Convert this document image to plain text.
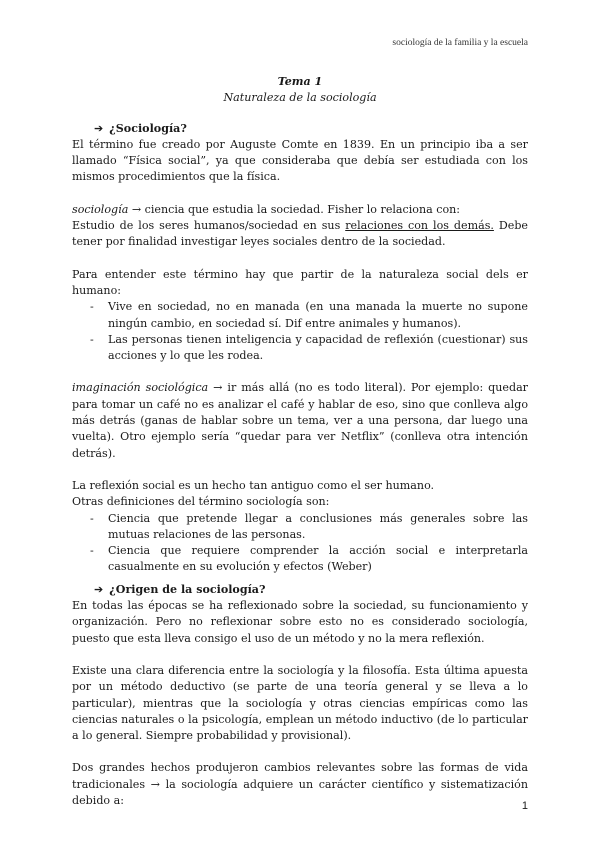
sociología de la familia y la escuela

Tema 1

Naturaleza de la sociología

➔ ¿Sociología?

El término fue creado por Auguste Comte en 1839. En un principio iba a ser llamado “Física social”, ya que consideraba que debía ser estudiada con los mismos procedimientos que la física.

sociología → ciencia que estudia la sociedad. Fisher lo relaciona con:

Estudio de los seres humanos/sociedad en sus relaciones con los demás. Debe tener por finalidad investigar leyes sociales dentro de la sociedad.

Para entender este término hay que partir de la naturaleza social dels er humano:

- Vive en sociedad, no en manada (en una manada la muerte no supone ningún cambio, en sociedad sí. Dif entre animales y humanos).
- Las personas tienen inteligencia y capacidad de reflexión (cuestionar) sus acciones y lo que les rodea.

imaginación sociológica → ir más allá (no es todo literal). Por ejemplo: quedar para tomar un café no es analizar el café y hablar de eso, sino que conlleva algo más detrás (ganas de hablar sobre un tema, ver a una persona, dar luego una vuelta). Otro ejemplo sería “quedar para ver Netflix” (conlleva otra intención detrás).

La reflexión social es un hecho tan antiguo como el ser humano.

Otras definiciones del término sociología son:

- Ciencia que pretende llegar a conclusiones más generales sobre las mutuas relaciones de las personas.
- Ciencia que requiere comprender la acción social e interpretarla casualmente en su evolución y efectos (Weber)

➔ ¿Origen de la sociología?

En todas las épocas se ha reflexionado sobre la sociedad, su funcionamiento y organización. Pero no reflexionar sobre esto no es considerado sociología, puesto que esta lleva consigo el uso de un método y no la mera reflexión.

Existe una clara diferencia entre la sociología y la filosofía. Esta última apuesta por un método deductivo (se parte de una teoría general y se lleva a lo particular), mientras que la sociología y otras ciencias empíricas como las ciencias naturales o la psicología, emplean un método inductivo (de lo particular a lo general. Siempre probabilidad y provisional).

Dos grandes hechos produjeron cambios relevantes sobre las formas de vida tradicionales → la sociología adquiere un carácter científico y sistematización debido a:	1
